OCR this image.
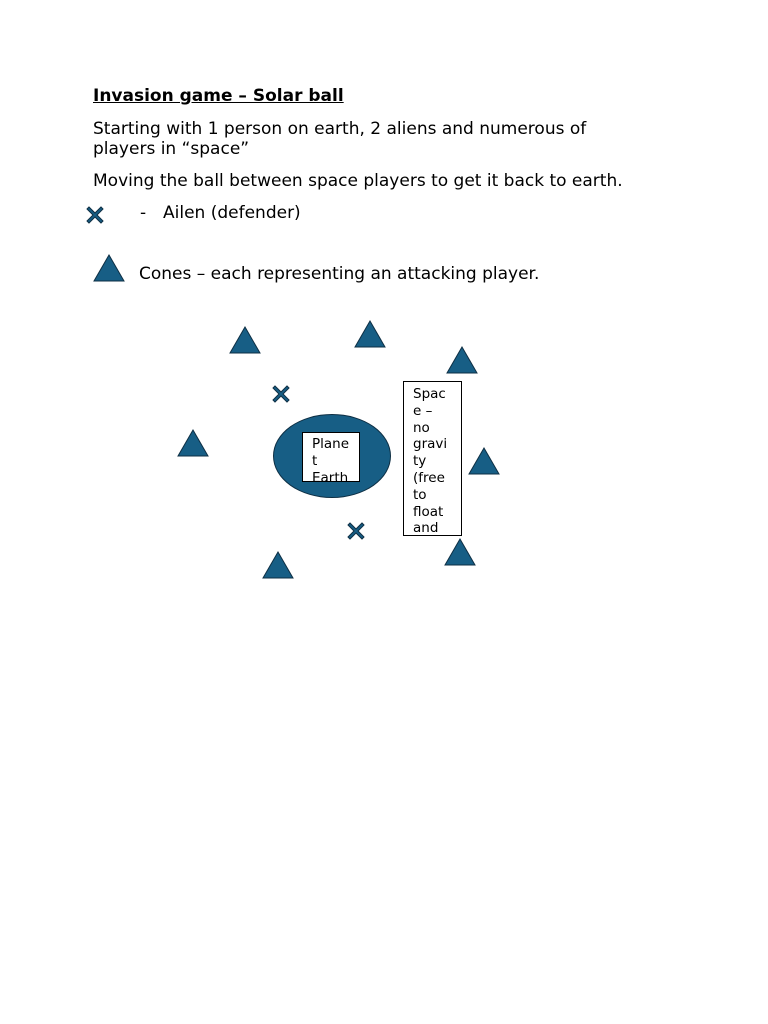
Invasion game – Solar ball
Starting with 1 person on earth, 2 aliens and numerous of players in “space”
Moving the ball between space players to get it back to earth.
- Ailen (defender)
Cones – each representing an attacking player.
Plane
t
Earth
Spac
e –
no
gravi
ty
(free
to
float
and
